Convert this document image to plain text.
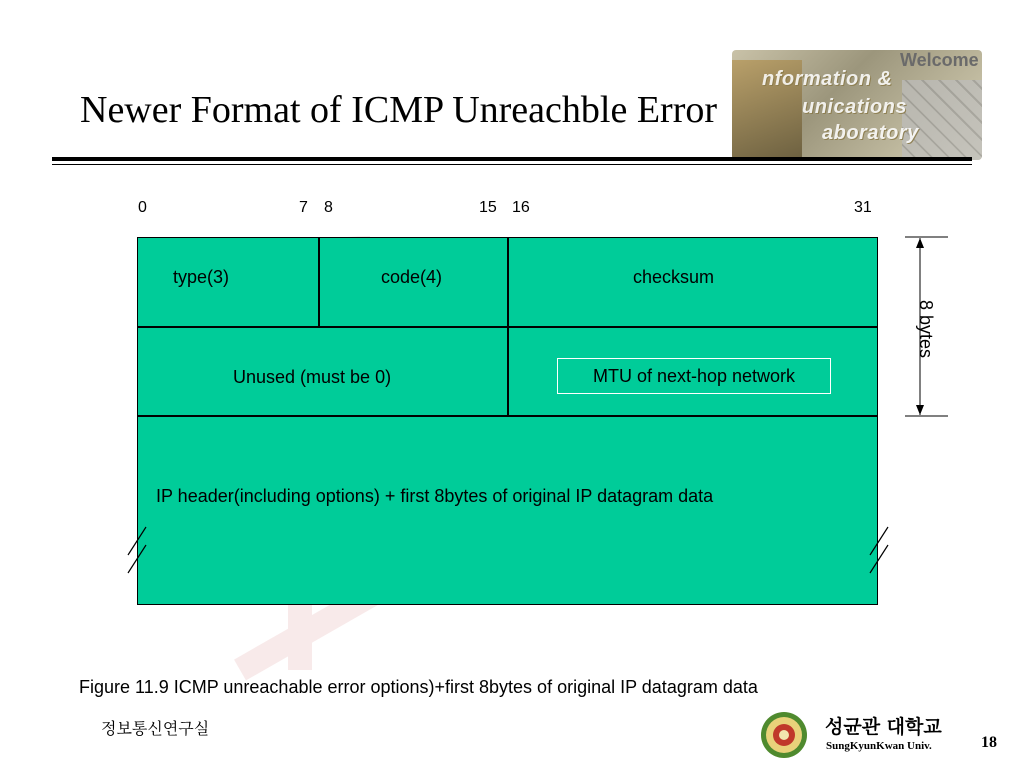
Welcome
nformation &
unications
aboratory
Newer Format of ICMP Unreachble Error
0	7 8	15 16	31
type(3)	code(4)	checksum
Unused (must be 0)	MTU of next-hop network
IP header(including options) + first 8bytes of original IP datagram data
8 bytes
Figure 11.9 ICMP unreachable error options)+first 8bytes of original IP datagram data
정보통신연구실	성균관 대학교
SungKyunKwan Univ.	18
